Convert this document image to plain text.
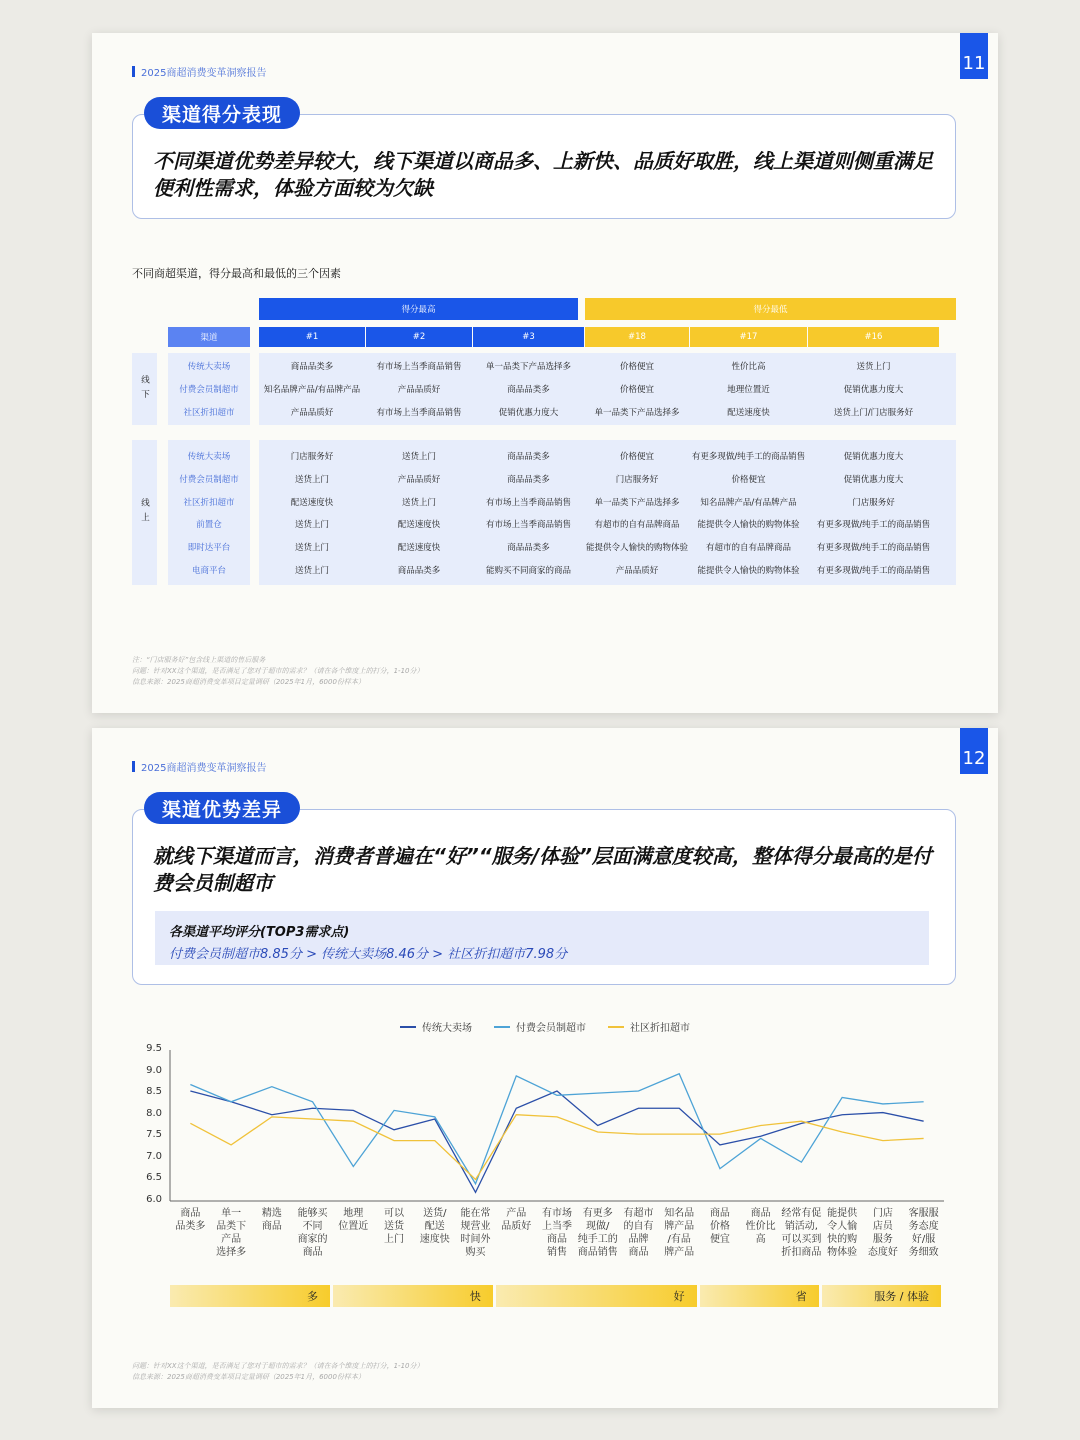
2025商超消费变革洞察报告	11
不同渠道优势差异较大，线下渠道以商品多、上新快、品质好取胜，线上渠道则侧重满足便利性需求，体验方面较为欠缺
渠道得分表现
不同商超渠道，得分最高和最低的三个因素
得分最高	得分最低
渠道	#1	#2	#3	#18	#17	#16
线下
线上
传统大卖场	商品品类多	有市场上当季商品销售	单一品类下产品选择多	价格便宜	性价比高	送货上门
付费会员制超市	知名品牌产品/有品牌产品	产品品质好	商品品类多	价格便宜	地理位置近	促销优惠力度大
社区折扣超市	产品品质好	有市场上当季商品销售	促销优惠力度大	单一品类下产品选择多	配送速度快	送货上门/门店服务好
传统大卖场	门店服务好	送货上门	商品品类多	价格便宜	有更多现做/纯手工的商品销售	促销优惠力度大
付费会员制超市	送货上门	产品品质好	商品品类多	门店服务好	价格便宜	促销优惠力度大
社区折扣超市	配送速度快	送货上门	有市场上当季商品销售	单一品类下产品选择多	知名品牌产品/有品牌产品	门店服务好
前置仓	送货上门	配送速度快	有市场上当季商品销售	有超市的自有品牌商品	能提供令人愉快的购物体验	有更多现做/纯手工的商品销售
即时达平台	送货上门	配送速度快	商品品类多	能提供令人愉快的购物体验	有超市的自有品牌商品	有更多现做/纯手工的商品销售
电商平台	送货上门	商品品类多	能购买不同商家的商品	产品品质好	能提供令人愉快的购物体验	有更多现做/纯手工的商品销售
注：“门店服务好”包含线上渠道的售后服务
问题：针对XX这个渠道，是否满足了您对于超市的需求？（请在各个维度上的打分，1-10分）
信息来源：2025商超消费变革项目定量调研（2025年1月，6000份样本）
2025商超消费变革洞察报告	12
就线下渠道而言，消费者普遍在“好”“服务/体验”层面满意度较高，整体得分最高的是付费会员制超市
各渠道平均评分(TOP3需求点)
付费会员制超市8.85分 > 传统大卖场8.46分 > 社区折扣超市7.98分
渠道优势差异
传统大卖场	付费会员制超市	社区折扣超市
9.5
9.0
8.5
8.0
7.5
7.0
6.5
6.0
商品
品类多
单一
品类下
产品
选择多
精选
商品
能够买
不同
商家的
商品
地理
位置近
可以
送货
上门
送货/
配送
速度快
能在常
规营业
时间外
购买
产品
品质好
有市场
上当季
商品
销售
有更多
现做/
纯手工的
商品销售
有超市
的自有
品牌
商品
知名品
牌产品
/有品
牌产品
商品
价格
便宜
商品
性价比
高
经常有促
销活动,
可以买到
折扣商品
能提供
令人愉
快的购
物体验
门店
店员
服务
态度好
客服服
务态度
好/服
务细致
多	快	好	省	服务 / 体验
问题：针对XX这个渠道，是否满足了您对于超市的需求？（请在各个维度上的打分，1-10分）
信息来源：2025商超消费变革项目定量调研（2025年1月，6000份样本）
